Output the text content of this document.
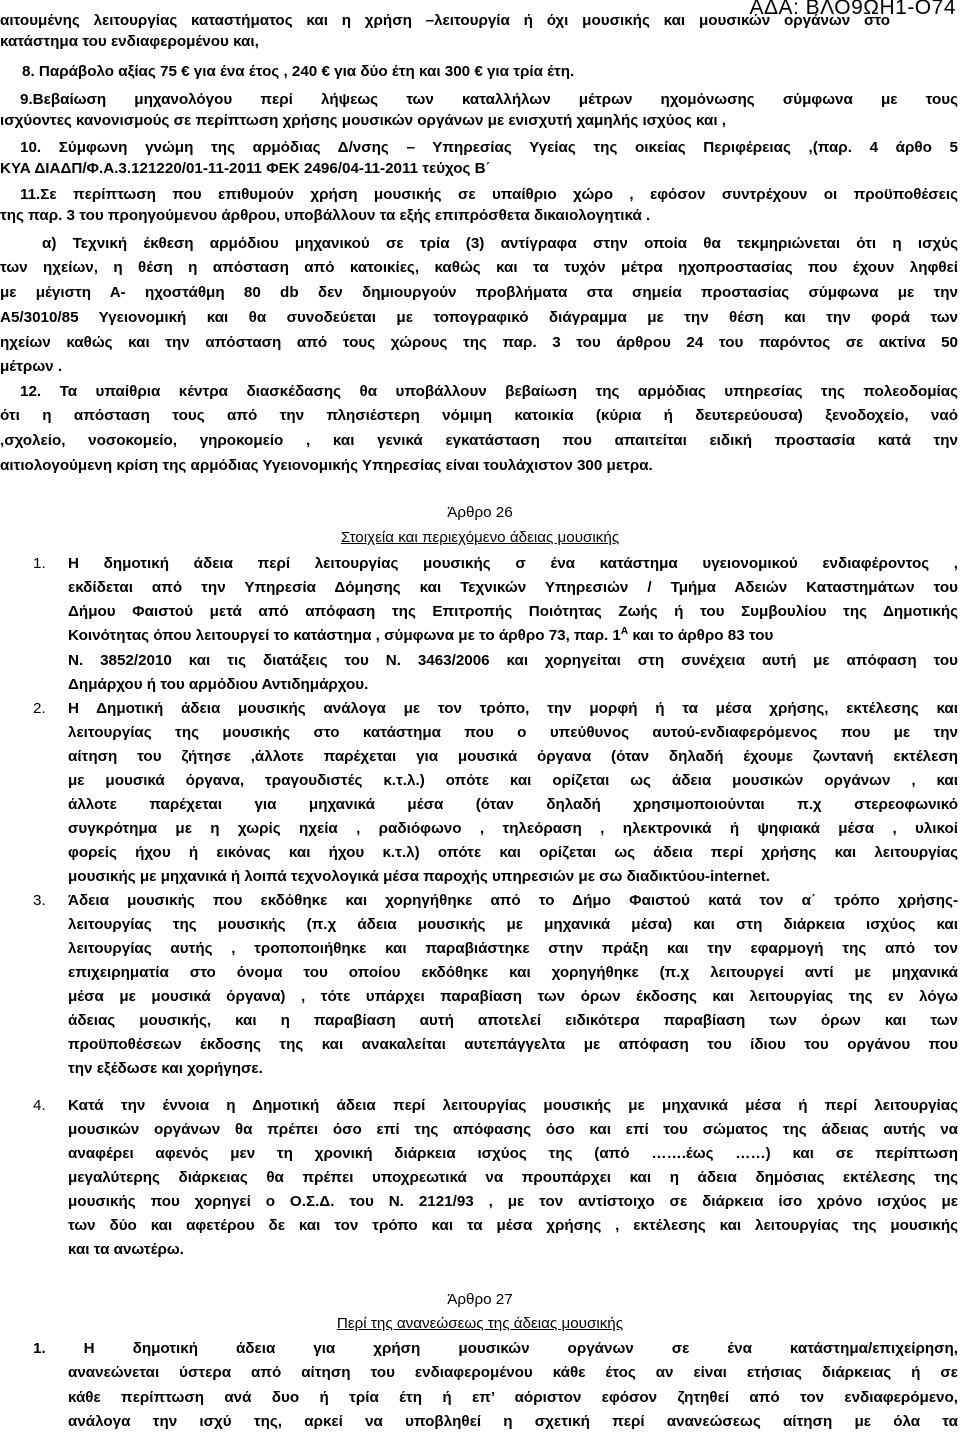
ΑΔΑ: ΒΛΟ9ΩΗ1-Ο74

αιτουμένης λειτουργίας καταστήματος και η χρήση –λειτουργία ή όχι μουσικής και μουσικών οργάνων στο

κατάστημα του ενδιαφερομένου και,

8. Παράβολο αξίας 75 € για ένα έτος , 240 € για δύο έτη και 300 € για τρία έτη.

9.Βεβαίωση μηχανολόγου περί λήψεως των καταλλήλων μέτρων ηχομόνωσης σύμφωνα με τους

ισχύοντες κανονισμούς σε περίπτωση χρήσης μουσικών οργάνων με ενισχυτή χαμηλής ισχύος και ,

10. Σύμφωνη γνώμη της αρμόδιας Δ/νσης – Υπηρεσίας Υγείας της οικείας Περιφέρειας ,(παρ. 4 άρθο 5

ΚΥΑ ΔΙΑΔΠ/Φ.Α.3.121220/01-11-2011 ΦΕΚ 2496/04-11-2011 τεύχος Β΄

11.Σε περίπτωση που επιθυμούν χρήση μουσικής σε υπαίθριο χώρο , εφόσον συντρέχουν οι προϋποθέσεις

της παρ. 3 του προηγούμενου άρθρου, υποβάλλουν τα εξής επιπρόσθετα δικαιολογητικά .

α) Τεχνική έκθεση αρμόδιου μηχανικού σε τρία (3) αντίγραφα στην οποία θα τεκμηριώνεται ότι η ισχύς

των ηχείων, η θέση η απόσταση από κατοικίες, καθώς και τα τυχόν μέτρα ηχοπροστασίας που έχουν ληφθεί

με μέγιστη Α- ηχοστάθμη 80 db δεν δημιουργούν προβλήματα στα σημεία προστασίας σύμφωνα με την

Α5/3010/85 Υγειονομική και θα συνοδεύεται με τοπογραφικό διάγραμμα με την θέση και την φορά των

ηχείων καθώς και την απόσταση από τους χώρους της παρ. 3 του άρθρου 24 του παρόντος σε ακτίνα 50

μέτρων .

12. Τα υπαίθρια κέντρα διασκέδασης θα υποβάλλουν βεβαίωση της αρμόδιας υπηρεσίας της πολεοδομίας

ότι η απόσταση τους από την πλησιέστερη νόμιμη κατοικία (κύρια ή δευτερεύουσα) ξενοδοχείο, ναό

,σχολείο, νοσοκομείο, γηροκομείο , και γενικά εγκατάσταση που απαιτείται ειδική προστασία κατά την

αιτιολογούμενη κρίση της αρμόδιας Υγειονομικής Υπηρεσίας είναι τουλάχιστον 300 μετρα.

Άρθρο 26

Στοιχεία και περιεχόμενο άδειας μουσικής

1. Η δημοτική άδεια περί λειτουργίας μουσικής σ ένα κατάστημα υγειονομικού ενδιαφέροντος ,

εκδίδεται από την Υπηρεσία Δόμησης και Τεχνικών Υπηρεσιών / Τμήμα Αδειών Καταστημάτων του

Δήμου Φαιστού μετά από απόφαση της Επιτροπής Ποιότητας Ζωής ή του Συμβουλίου της Δημοτικής

Κοινότητας όπου λειτουργεί το κατάστημα , σύμφωνα με το άρθρο 73, παρ. $1^A$ και το άρθρο 83 του

Ν. 3852/2010 και τις διατάξεις του Ν. 3463/2006 και χορηγείται στη συνέχεια αυτή με απόφαση του

Δημάρχου ή του αρμόδιου Αντιδημάρχου.

2. Η Δημοτική άδεια μουσικής ανάλογα με τον τρόπο, την μορφή ή τα μέσα χρήσης, εκτέλεσης και

λειτουργίας της μουσικής στο κατάστημα που ο υπεύθυνος αυτού-ενδιαφερόμενος που με την

αίτηση του ζήτησε ,άλλοτε παρέχεται για μουσικά όργανα (όταν δηλαδή έχουμε ζωντανή εκτέλεση

με μουσικά όργανα, τραγουδιστές κ.τ.λ.) οπότε και ορίζεται ως άδεια μουσικών οργάνων , και

άλλοτε παρέχεται για μηχανικά μέσα (όταν δηλαδή χρησιμοποιούνται π.χ στερεοφωνικό

συγκρότημα με η χωρίς ηχεία , ραδιόφωνο , τηλεόραση , ηλεκτρονικά ή ψηφιακά μέσα , υλικοί

φορείς ήχου ή εικόνας και ήχου κ.τ.λ) οπότε και ορίζεται ως άδεια περί χρήσης και λειτουργίας

μουσικής με μηχανικά ή λοιπά τεχνολογικά μέσα παροχής υπηρεσιών με σω διαδικτύου-internet.

3. Άδεια μουσικής που εκδόθηκε και χορηγήθηκε από το Δήμο Φαιστού κατά τον α΄ τρόπο χρήσης-

λειτουργίας της μουσικής (π.χ άδεια μουσικής με μηχανικά μέσα) και στη διάρκεια ισχύος και

λειτουργίας αυτής , τροποποιήθηκε και παραβιάστηκε στην πράξη και την εφαρμογή της από τον

επιχειρηματία στο όνομα του οποίου εκδόθηκε και χορηγήθηκε (π.χ λειτουργεί αντί με μηχανικά

μέσα με μουσικά όργανα) , τότε υπάρχει παραβίαση των όρων έκδοσης και λειτουργίας της εν λόγω

άδειας μουσικής, και η παραβίαση αυτή αποτελεί ειδικότερα παραβίαση των όρων και των

προϋποθέσεων έκδοσης της και ανακαλείται αυτεπάγγελτα με απόφαση του ίδιου του οργάνου που

την εξέδωσε και χορήγησε.

4. Κατά την έννοια η Δημοτική άδεια περί λειτουργίας μουσικής με μηχανικά μέσα ή περί λειτουργίας

μουσικών οργάνων θα πρέπει όσο επί της απόφασης όσο και επί του σώματος της άδειας αυτής να

αναφέρει αφενός μεν τη χρονική διάρκεια ισχύος της (από …….έως ……) και σε περίπτωση

μεγαλύτερης διάρκειας θα πρέπει υποχρεωτικά να προυπάρχει και η άδεια δημόσιας εκτέλεσης της

μουσικής που χορηγεί ο Ο.Σ.Δ. του Ν. 2121/93 , με τον αντίστοιχο σε διάρκεια ίσο χρόνο ισχύος με

των δύο και αφετέρου δε και τον τρόπο και τα μέσα χρήσης , εκτέλεσης και λειτουργίας της μουσικής

και τα ανωτέρω.

Άρθρο 27

Περί της ανανεώσεως της άδειας μουσικής

1. Η δημοτική άδεια για χρήση μουσικών οργάνων σε ένα κατάστημα/επιχείρηση,

ανανεώνεται ύστερα από αίτηση του ενδιαφερομένου κάθε έτος αν είναι ετήσιας διάρκειας ή σε

κάθε περίπτωση ανά δυο ή τρία έτη ή επ’ αόριστον εφόσον ζητηθεί από τον ενδιαφερόμενο,

ανάλογα την ισχύ της, αρκεί να υποβληθεί η σχετική περί ανανεώσεως αίτηση με όλα τα
